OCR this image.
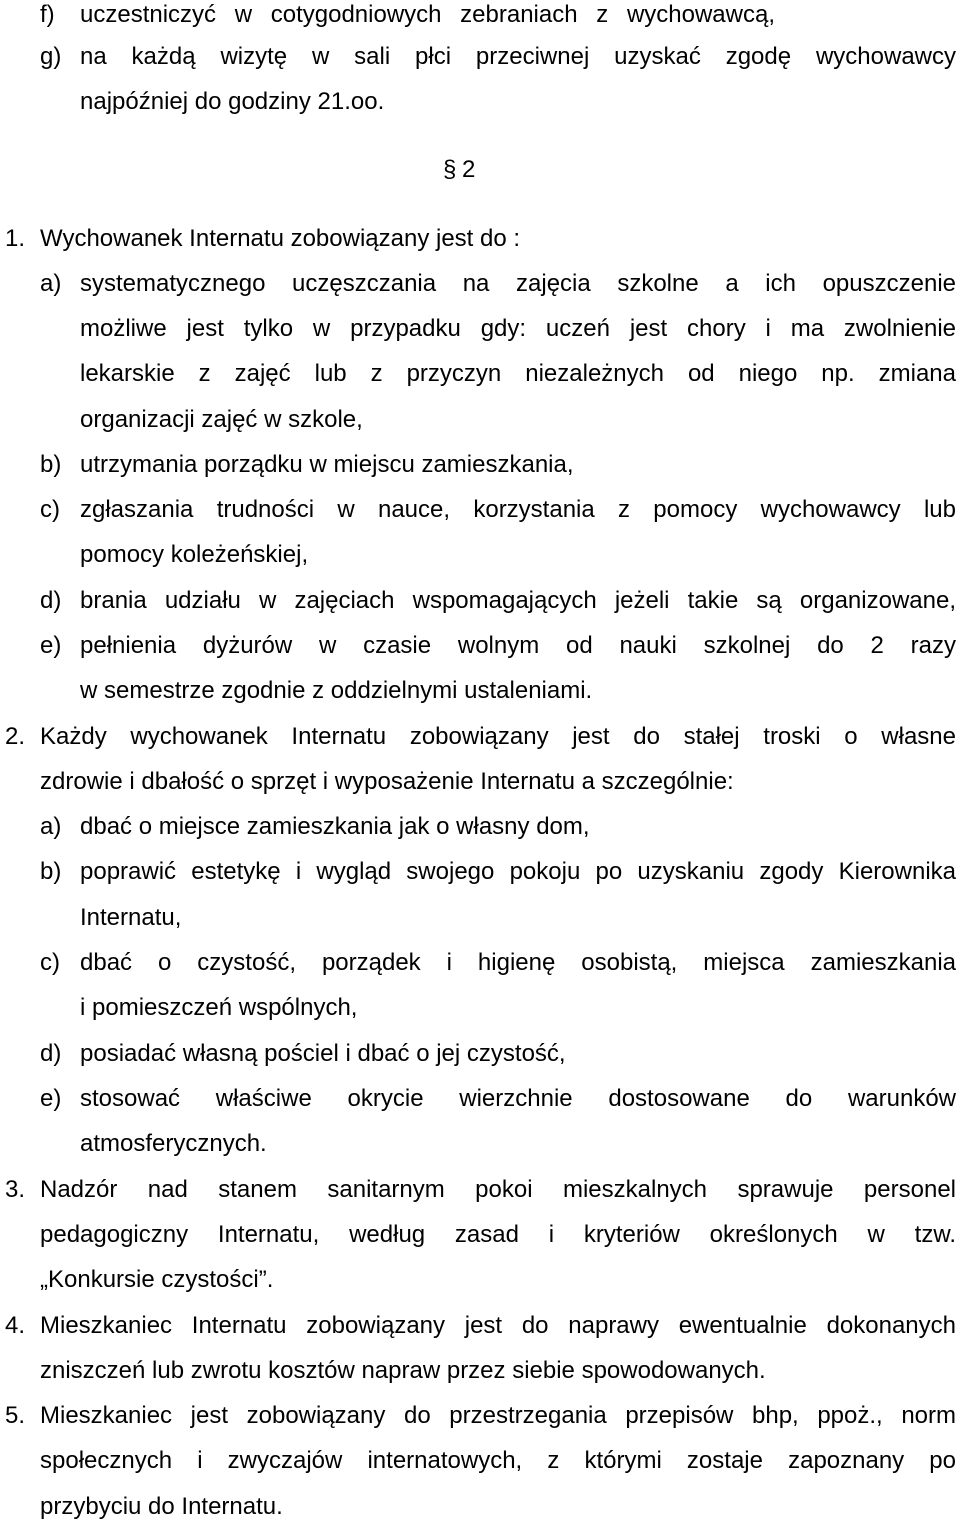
f) uczestniczyć w cotygodniowych zebraniach z wychowawcą,
g) na każdą wizytę w sali płci przeciwnej uzyskać zgodę wychowawcy
najpóźniej do godziny 21.oo.
§ 2
1. Wychowanek Internatu zobowiązany jest do :
a) systematycznego uczęszczania na zajęcia szkolne a ich opuszczenie
możliwe jest tylko w przypadku gdy: uczeń jest chory i ma zwolnienie
lekarskie z zajęć lub z przyczyn niezależnych od niego np. zmiana
organizacji zajęć w szkole,
b) utrzymania porządku w miejscu zamieszkania,
c) zgłaszania trudności w nauce, korzystania z pomocy wychowawcy lub
pomocy koleżeńskiej,
d) brania udziału w zajęciach wspomagających jeżeli takie są organizowane,
e) pełnienia dyżurów w czasie wolnym od nauki szkolnej do 2 razy
w semestrze zgodnie z oddzielnymi ustaleniami.
2. Każdy wychowanek Internatu zobowiązany jest do stałej troski o własne
zdrowie i dbałość o sprzęt i wyposażenie Internatu a szczególnie:
a) dbać o miejsce zamieszkania jak o własny dom,
b) poprawić estetykę i wygląd swojego pokoju po uzyskaniu zgody Kierownika
Internatu,
c) dbać o czystość, porządek i higienę osobistą, miejsca zamieszkania
i pomieszczeń wspólnych,
d) posiadać własną pościel i dbać o jej czystość,
e) stosować właściwe okrycie wierzchnie dostosowane do warunków
atmosferycznych.
3. Nadzór nad stanem sanitarnym pokoi mieszkalnych sprawuje personel
pedagogiczny Internatu, według zasad i kryteriów określonych w tzw.
„Konkursie czystości”.
4. Mieszkaniec Internatu zobowiązany jest do naprawy ewentualnie dokonanych
zniszczeń lub zwrotu kosztów napraw przez siebie spowodowanych.
5. Mieszkaniec jest zobowiązany do przestrzegania przepisów bhp, ppoż., norm
społecznych i zwyczajów internatowych, z którymi zostaje zapoznany po
przybyciu do Internatu.
